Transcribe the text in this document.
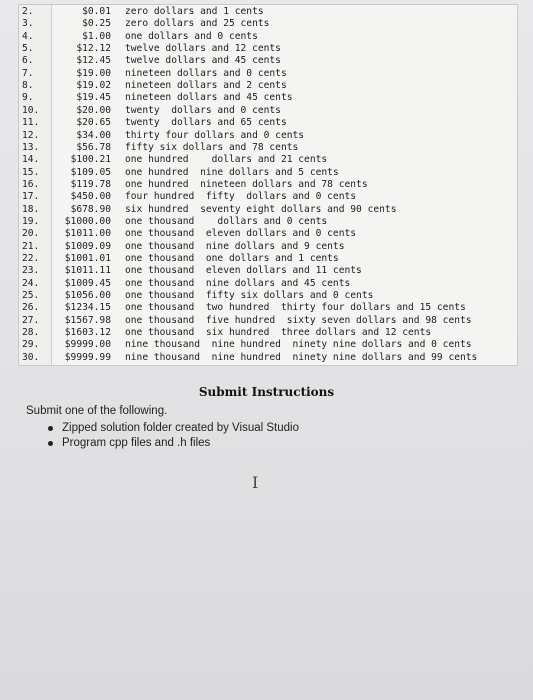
2.	$0.01 zero dollars and 1 cents
3.	$0.25 zero dollars and 25 cents
4.	$1.00 one dollars and 0 cents
5.	$12.12 twelve dollars and 12 cents
6.	$12.45 twelve dollars and 45 cents
7.	$19.00 nineteen dollars and 0 cents
8.	$19.02 nineteen dollars and 2 cents
9.	$19.45 nineteen dollars and 45 cents
10.	$20.00 twenty  dollars and 0 cents
11.	$20.65 twenty  dollars and 65 cents
12.	$34.00 thirty four dollars and 0 cents
13.	$56.78 fifty six dollars and 78 cents
14.	$100.21 one hundred    dollars and 21 cents
15.	$109.05 one hundred  nine dollars and 5 cents
16.	$119.78 one hundred  nineteen dollars and 78 cents
17.	$450.00 four hundred  fifty  dollars and 0 cents
18.	$678.90 six hundred  seventy eight dollars and 90 cents
19.	$1000.00 one thousand    dollars and 0 cents
20.	$1011.00 one thousand  eleven dollars and 0 cents
21.	$1009.09 one thousand  nine dollars and 9 cents
22.	$1001.01 one thousand  one dollars and 1 cents
23.	$1011.11 one thousand  eleven dollars and 11 cents
24.	$1009.45 one thousand  nine dollars and 45 cents
25.	$1056.00 one thousand  fifty six dollars and 0 cents
26.	$1234.15 one thousand  two hundred  thirty four dollars and 15 cents
27.	$1567.98 one thousand  five hundred  sixty seven dollars and 98 cents
28.	$1603.12 one thousand  six hundred  three dollars and 12 cents
29.	$9999.00 nine thousand  nine hundred  ninety nine dollars and 0 cents
30.	$9999.99 nine thousand  nine hundred  ninety nine dollars and 99 cents
Submit Instructions
Submit one of the following.
Zipped solution folder created by Visual Studio
Program cpp files and .h files
I
